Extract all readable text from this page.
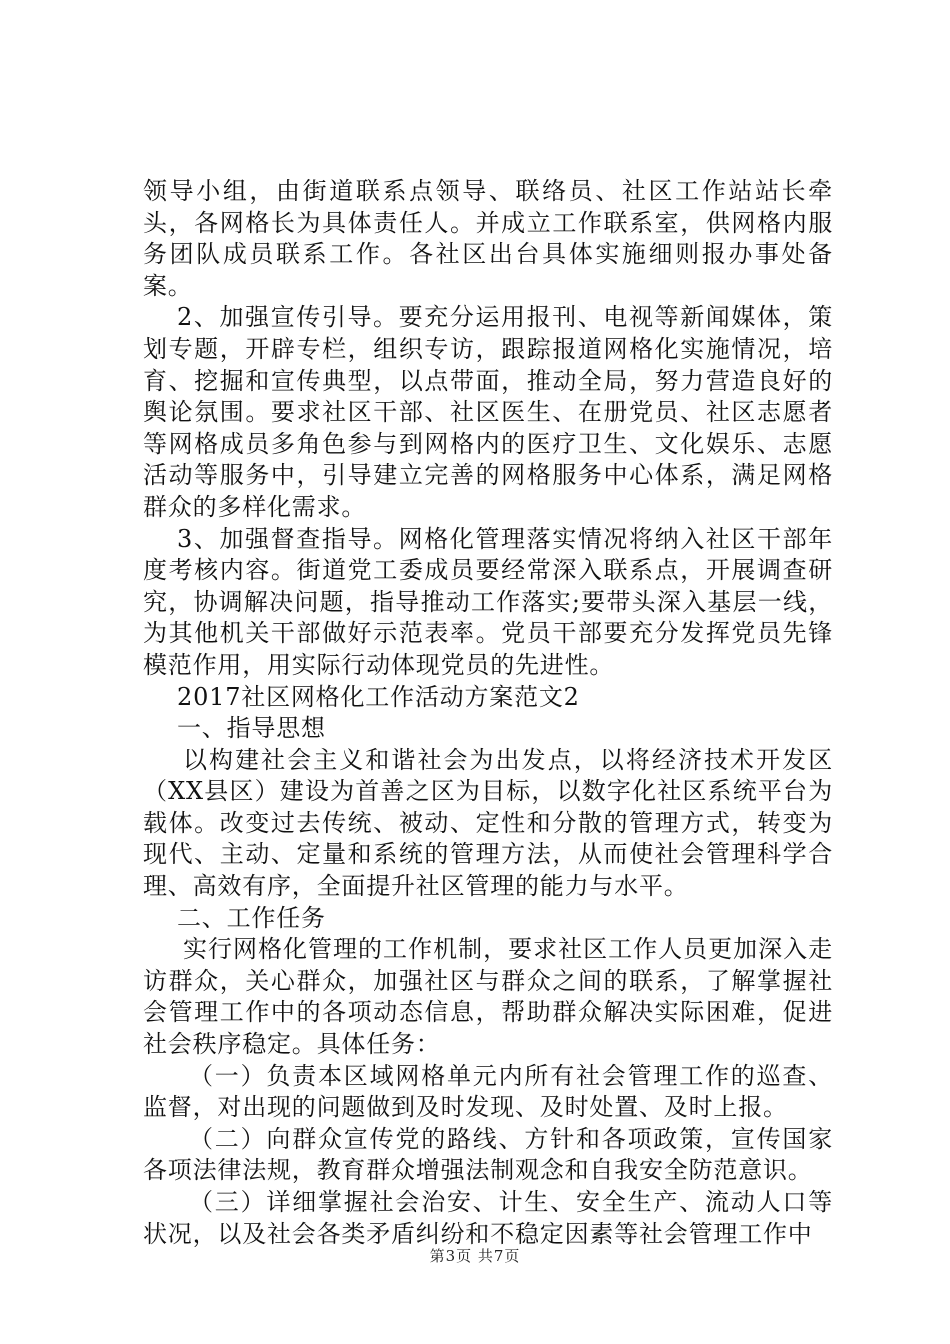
领导小组，由街道联系点领导、联络员、社区工作站站长牵头，各网格长为具体责任人。并成立工作联系室，供网格内服务团队成员联系工作。各社区出台具体实施细则报办事处备案。

2、加强宣传引导。要充分运用报刊、电视等新闻媒体，策划专题，开辟专栏，组织专访，跟踪报道网格化实施情况，培育、挖掘和宣传典型，以点带面，推动全局，努力营造良好的舆论氛围。要求社区干部、社区医生、在册党员、社区志愿者等网格成员多角色参与到网格内的医疗卫生、文化娱乐、志愿活动等服务中，引导建立完善的网格服务中心体系，满足网格群众的多样化需求。

3、加强督查指导。网格化管理落实情况将纳入社区干部年度考核内容。街道党工委成员要经常深入联系点，开展调查研究，协调解决问题，指导推动工作落实;要带头深入基层一线，为其他机关干部做好示范表率。党员干部要充分发挥党员先锋模范作用，用实际行动体现党员的先进性。

2017社区网格化工作活动方案范文2

一、指导思想

以构建社会主义和谐社会为出发点，以将经济技术开发区（XX县区）建设为首善之区为目标，以数字化社区系统平台为载体。改变过去传统、被动、定性和分散的管理方式，转变为现代、主动、定量和系统的管理方法，从而使社会管理科学合理、高效有序，全面提升社区管理的能力与水平。

二、工作任务

实行网格化管理的工作机制，要求社区工作人员更加深入走访群众，关心群众，加强社区与群众之间的联系，了解掌握社会管理工作中的各项动态信息，帮助群众解决实际困难，促进社会秩序稳定。具体任务：

（一）负责本区域网格单元内所有社会管理工作的巡查、监督，对出现的问题做到及时发现、及时处置、及时上报。

（二）向群众宣传党的路线、方针和各项政策，宣传国家各项法律法规，教育群众增强法制观念和自我安全防范意识。

（三）详细掌握社会治安、计生、安全生产、流动人口等状况，以及社会各类矛盾纠纷和不稳定因素等社会管理工作中

第3页 共7页
